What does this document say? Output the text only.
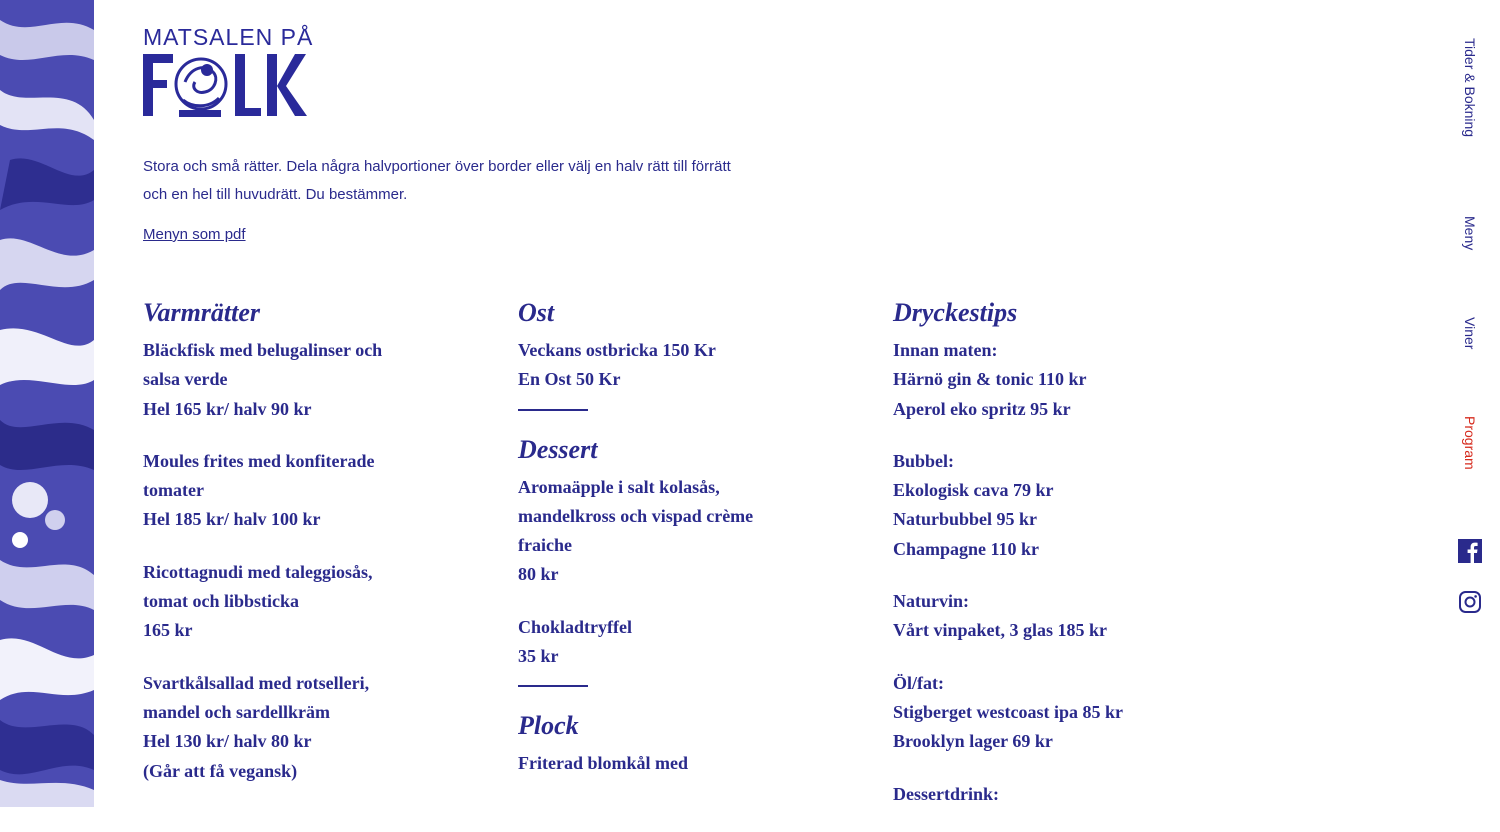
MATSALEN PÅ
Stora och små rätter. Dela några halvportioner över border eller välj en halv rätt till förrätt och en hel till huvudrätt. Du bestämmer.
Menyn som pdf
Varmrätter
Bläckfisk med belugalinser och
salsa verde
Hel 165 kr/ halv 90 kr
Moules frites med konfiterade
tomater
Hel 185 kr/ halv 100 kr
Ricottagnudi med taleggiosås,
tomat och libbsticka
165 kr
Svartkålsallad med rotselleri,
mandel och sardellkräm
Hel 130 kr/ halv 80 kr
(Går att få vegansk)
Ost
Veckans ostbricka 150 Kr
En Ost 50 Kr
Dessert
Aromaäpple i salt kolasås,
mandelkross och vispad crème
fraiche
80 kr
Chokladtryffel
35 kr
Plock
Friterad blomkål med
Dryckestips
Innan maten:
Härnö gin & tonic 110 kr
Aperol eko spritz 95 kr
Bubbel:
Ekologisk cava 79 kr
Naturbubbel 95 kr
Champagne 110 kr
Naturvin:
Vårt vinpaket, 3 glas 185 kr
Öl/fat:
Stigberget westcoast ipa 85 kr
Brooklyn lager 69 kr
Dessertdrink:
Tider & Bokning
Meny
Viner
Program
